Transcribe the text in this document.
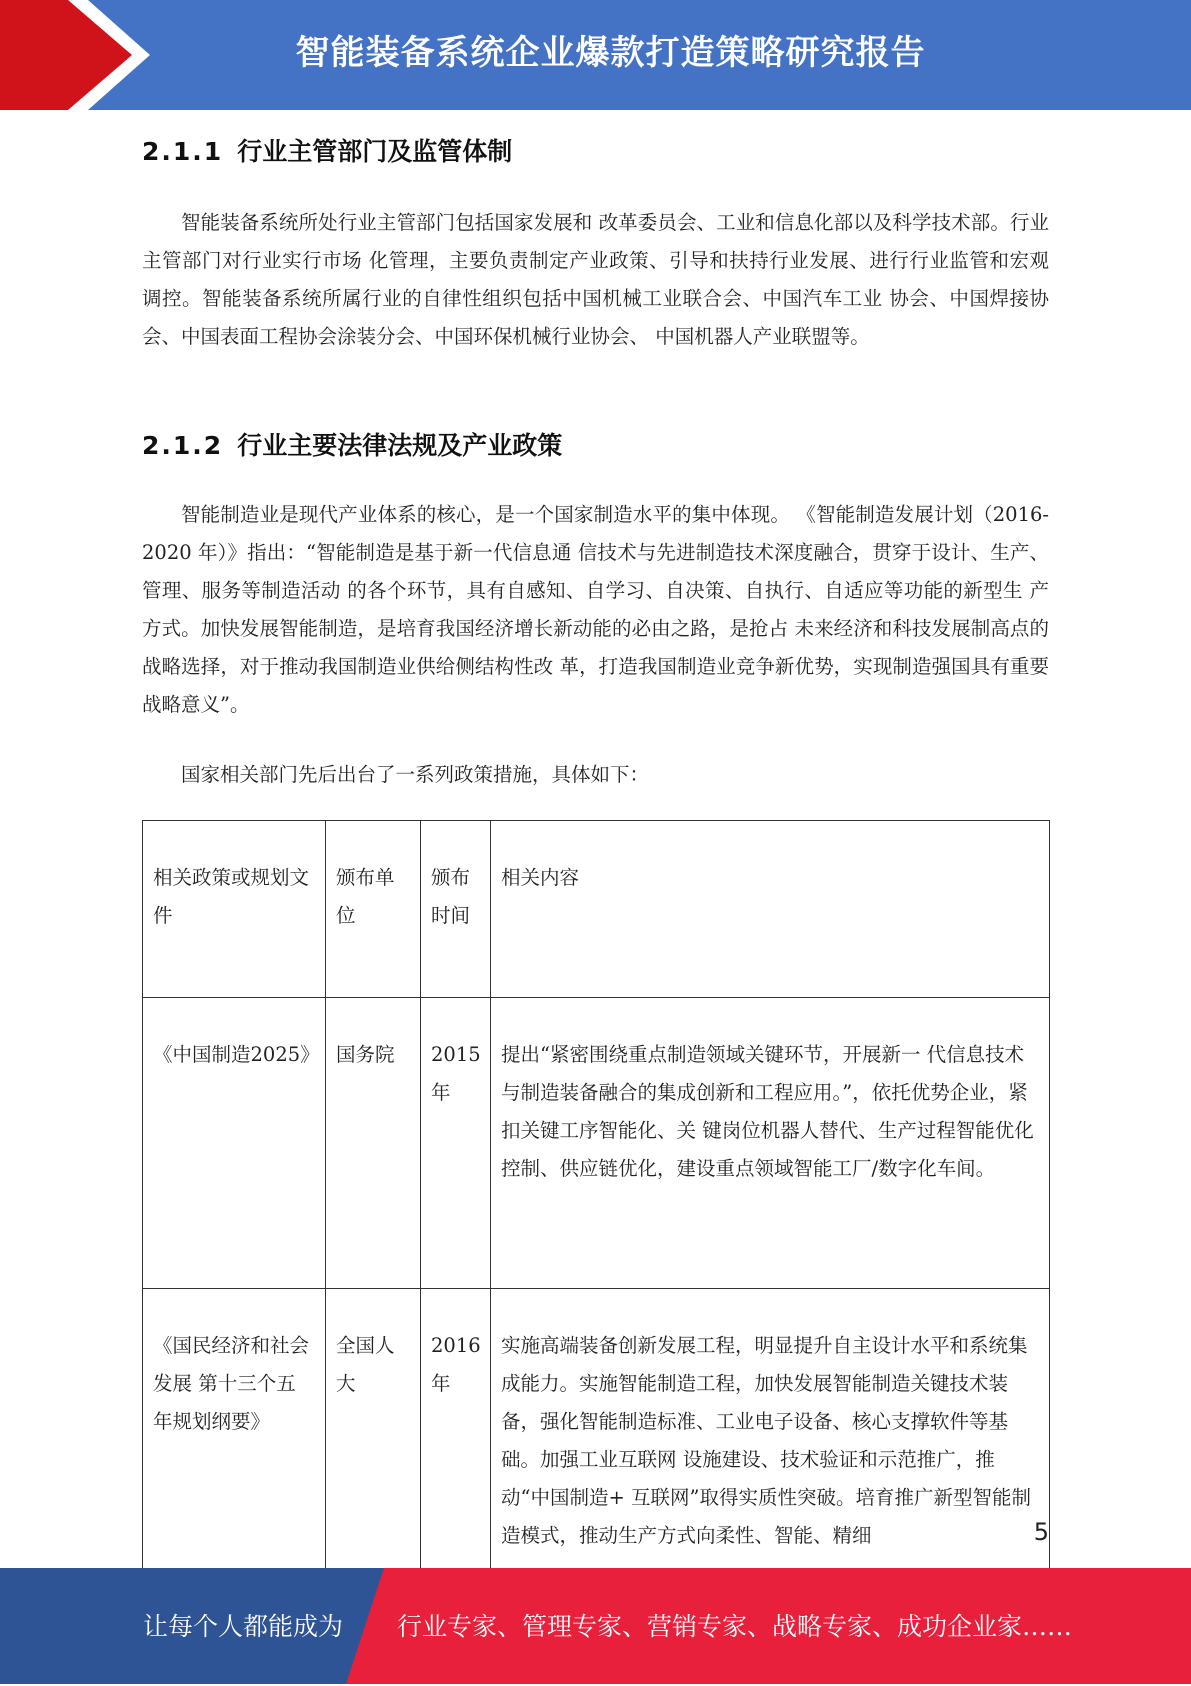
智能装备系统企业爆款打造策略研究报告
2.1.1 行业主管部门及监管体制
智能装备系统所处行业主管部门包括国家发展和 改革委员会、工业和信息化部以及科学技术部。行业主管部门对行业实行市场 化管理，主要负责制定产业政策、引导和扶持行业发展、进行行业监管和宏观 调控。智能装备系统所属行业的自律性组织包括中国机械工业联合会、中国汽车工业 协会、中国焊接协会、中国表面工程协会涂装分会、中国环保机械行业协会、 中国机器人产业联盟等。
2.1.2 行业主要法律法规及产业政策
智能制造业是现代产业体系的核心，是一个国家制造水平的集中体现。 《智能制造发展计划（2016-2020 年）》指出：“智能制造是基于新一代信息通 信技术与先进制造技术深度融合，贯穿于设计、生产、管理、服务等制造活动 的各个环节，具有自感知、自学习、自决策、自执行、自适应等功能的新型生 产方式。加快发展智能制造，是培育我国经济增长新动能的必由之路，是抢占 未来经济和科技发展制高点的战略选择，对于推动我国制造业供给侧结构性改 革，打造我国制造业竞争新优势，实现制造强国具有重要战略意义”。
国家相关部门先后出台了一系列政策措施，具体如下：
相关政策或规划文件	颁布单位	颁布时间	相关内容
《中国制造2025》	国务院	2015年	提出“紧密围绕重点制造领域关键环节，开展新一 代信息技术与制造装备融合的集成创新和工程应用。”，依托优势企业，紧扣关键工序智能化、关 键岗位机器人替代、生产过程智能优化控制、供应链优化，建设重点领域智能工厂/数字化车间。
《国民经济和社会发展 第十三个五年规划纲要》	全国人大	2016年	实施高端装备创新发展工程，明显提升自主设计水平和系统集成能力。实施智能制造工程，加快发展智能制造关键技术装备，强化智能制造标准、工业电子设备、核心支撑软件等基础。加强工业互联网 设施建设、技术验证和示范推广，推动“中国制造+ 互联网”取得实质性突破。培育推广新型智能制造模式，推动生产方式向柔性、智能、精细	5
让每个人都能成为 行业专家、管理专家、营销专家、战略专家、成功企业家……
